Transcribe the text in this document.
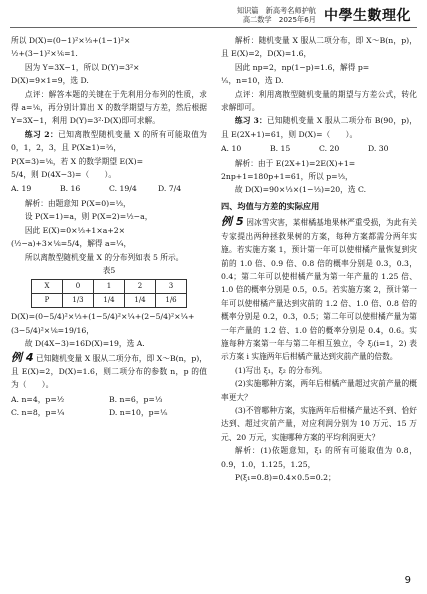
知识篇　新高考名师护航
高二数学　2025年6月 中學生數理化

所以 D(X)=(0−1)²×⅓+(1−1)²×

½+(3−1)²×⅙=1.

因为 Y=3X−1，所以 D(Y)=3²×

D(X)=9×1=9，选 D.

点评：解答本题的关键在于先利用分布列的性质，求得 a=⅙，再分别计算出 X 的数学期望与方差，然后根据 Y=3X−1，利用 D(Y)=3²·D(X)即可求解。

练习 2：已知离散型随机变量 X 的所有可能取值为 0，1，2，3，且 P(X≥1)=⅔，

P(X=3)=⅙，若 X 的数学期望 E(X)=

5/4，则 D(4X−3)=（　　）。

A. 19	B. 16	C. 19/4	D. 7/4

解析：由题意知 P(X=0)=⅓，

设 P(X=1)=a，则 P(X=2)=½−a，

因此 E(X)=0×⅓+1×a+2×

(½−a)+3×⅙=5/4，解得 a=¼，

所以离散型随机变量 X 的分布列如表 5 所示。

表5

X	0	1	2	3
P	1/3	1/4	1/4	1/6

D(X)=(0−5/4)²×⅓+(1−5/4)²×¼+(2−5/4)²×¼+(3−5/4)²×⅙=19/16，

故 D(4X−3)=16D(X)=19，选 A.

例 4 已知随机变量 X 服从二项分布，即 X～B(n，p)，且 E(X)=2，D(X)=1.6，则二项分布的参数 n，p 的值为（　　）。

A. n=4，p=½	B. n=6，p=⅓
C. n=8，p=¼	D. n=10，p=⅕

解析：随机变量 X 服从二项分布，即 X～B(n，p)，且 E(X)=2，D(X)=1.6，

因此 np=2，np(1−p)=1.6，解得 p=

⅕，n=10，选 D.

点评：利用离散型随机变量的期望与方差公式，转化求解即可。

练习 3：已知随机变量 X 服从二项分布 B(90，p)，且 E(2X+1)=61，则 D(X)=（　　）。

A. 10	B. 15	C. 20	D. 30

解析：由于 E(2X+1)=2E(X)+1=

2np+1=180p+1=61，所以 p=⅓，

故 D(X)=90×⅓×(1−⅓)=20，选 C.

四、均值与方差的实际应用

例 5 因冰雪灾害，某柑橘基地果林严重受损，为此有关专家提出两种拯救果树的方案，每种方案都需分两年实施。若实施方案 1，预计第一年可以使柑橘产量恢复到灾前的 1.0 倍、0.9 倍、0.8 倍的概率分别是 0.3，0.3，0.4；第二年可以使柑橘产量为第一年产量的 1.25 倍、1.0 倍的概率分别是 0.5，0.5。若实施方案 2，预计第一年可以使柑橘产量达到灾前的 1.2 倍、1.0 倍、0.8 倍的概率分别是 0.2，0.3，0.5；第二年可以使柑橘产量为第一年产量的 1.2 倍、1.0 倍的概率分别是 0.4，0.6。实施每种方案第一年与第二年相互独立，令 ξᵢ(i=1，2) 表示方案 i 实施两年后柑橘产量达到灾前产量的倍数。

(1)写出 ξ₁，ξ₂ 的分布列。

(2)实施哪种方案，两年后柑橘产量超过灾前产量的概率更大？

(3)不管哪种方案，实施两年后柑橘产量达不到、恰好达到、超过灾前产量，对应利润分别为 10 万元、15 万元、20 万元，实施哪种方案的平均利润更大？

解析：(1)依题意知，ξ₁ 的所有可能取值为 0.8，0.9，1.0，1.125，1.25，

P(ξ₁=0.8)=0.4×0.5=0.2；

9
